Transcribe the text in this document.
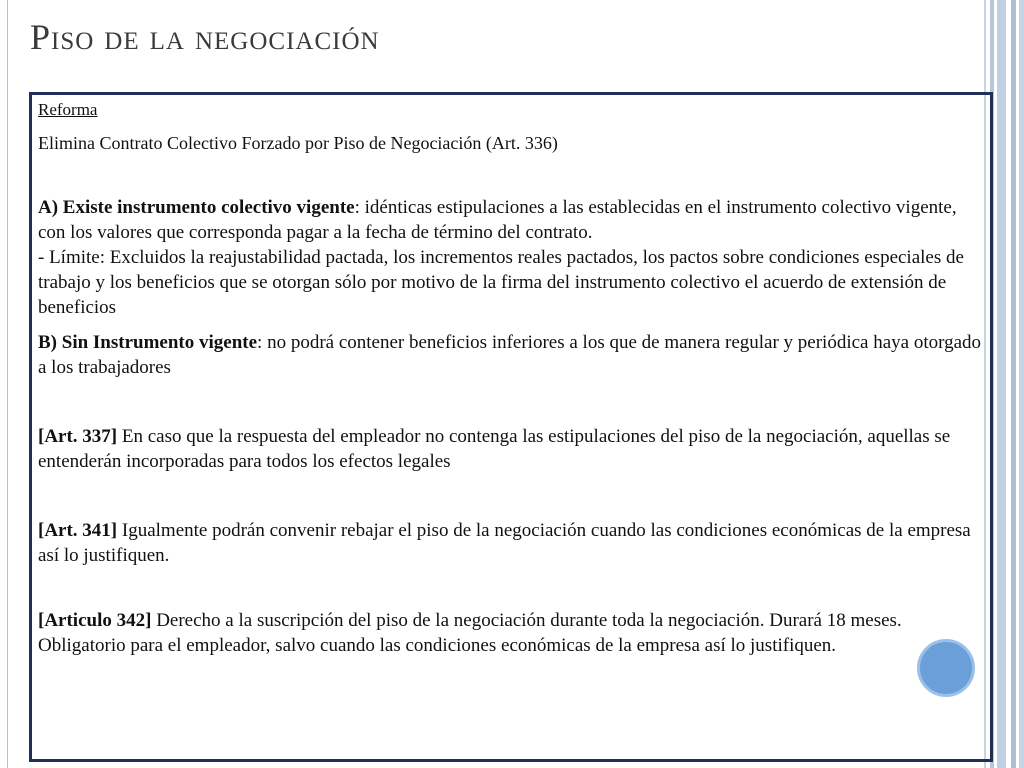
Piso de la negociación

Reforma

Elimina Contrato Colectivo Forzado por Piso de Negociación (Art. 336)

A) Existe instrumento colectivo vigente: idénticas estipulaciones a las establecidas en el instrumento colectivo vigente, con los valores que corresponda pagar a la fecha de término del contrato.

- Límite: Excluidos la reajustabilidad pactada, los incrementos reales pactados, los pactos sobre condiciones especiales de trabajo y los beneficios que se otorgan sólo por motivo de la firma del instrumento colectivo el acuerdo de extensión de beneficios

B) Sin Instrumento vigente: no podrá contener beneficios inferiores a los que de manera regular y periódica haya otorgado a los trabajadores

[Art. 337] En caso que la respuesta del empleador no contenga las estipulaciones del piso de la negociación, aquellas se entenderán incorporadas para todos los efectos legales

[Art. 341] Igualmente podrán convenir rebajar el piso de la negociación cuando las condiciones económicas de la empresa así lo justifiquen.

[Articulo 342] Derecho a la suscripción del piso de la negociación durante toda la negociación. Durará 18 meses. Obligatorio para el empleador, salvo cuando las condiciones económicas de la empresa así lo justifiquen.
